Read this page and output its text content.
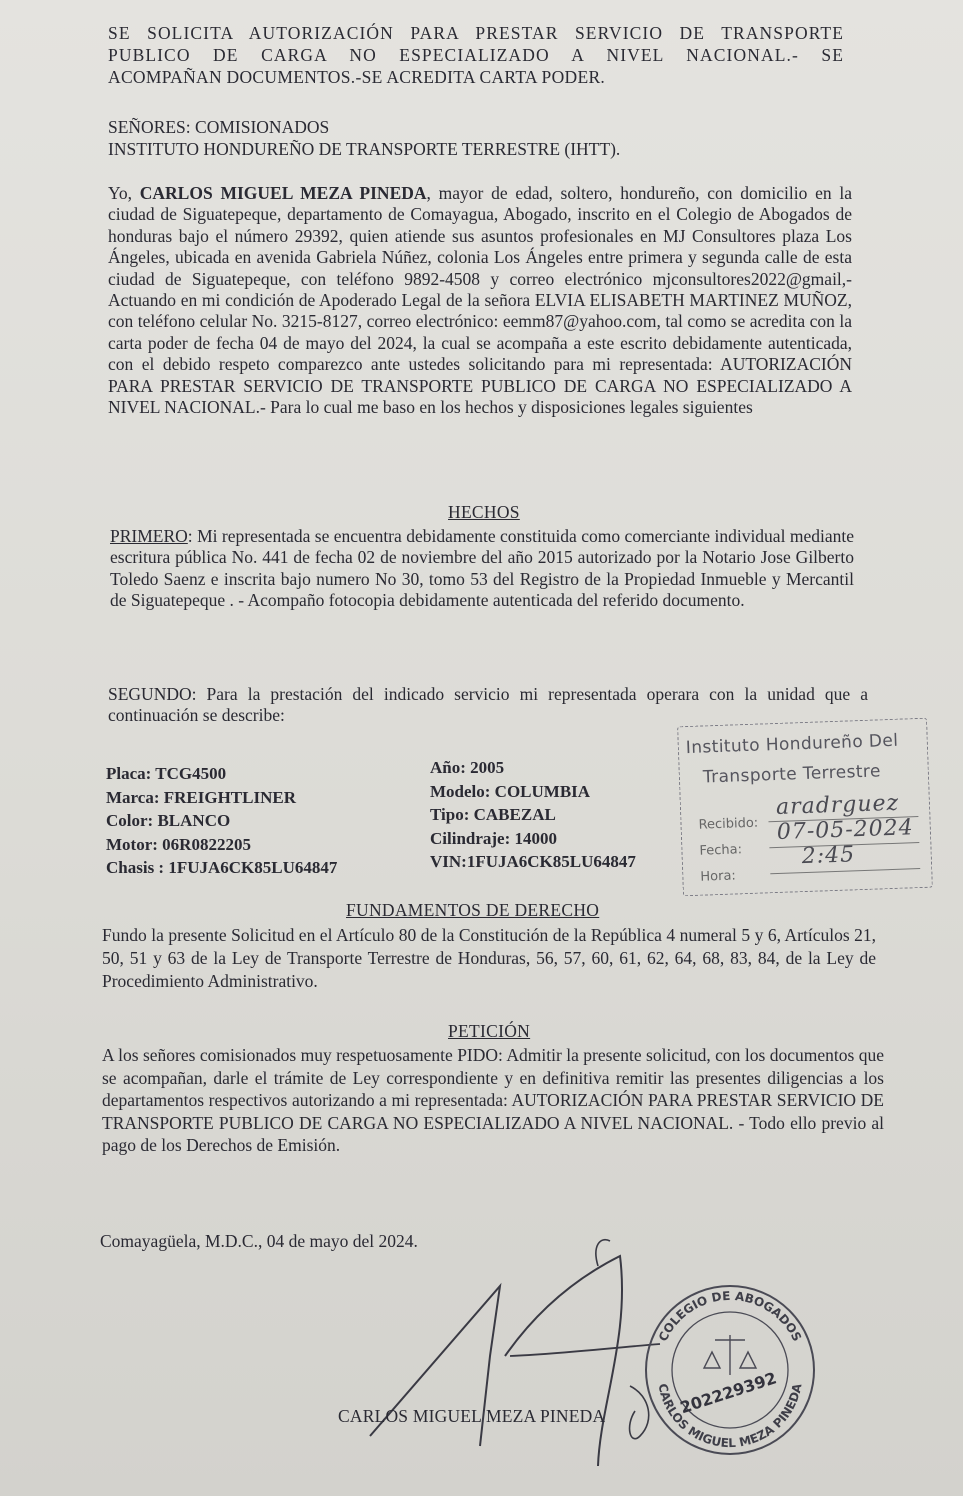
SE SOLICITA AUTORIZACIÓN PARA PRESTAR SERVICIO DE TRANSPORTE
PUBLICO DE CARGA NO ESPECIALIZADO A NIVEL NACIONAL.- SE
ACOMPAÑAN DOCUMENTOS.-SE ACREDITA CARTA PODER.
SEÑORES: COMISIONADOS
INSTITUTO HONDUREÑO DE TRANSPORTE TERRESTRE (IHTT).

Yo, CARLOS MIGUEL MEZA PINEDA, mayor de edad, soltero, hondureño, con domicilio en la ciudad de Siguatepeque, departamento de Comayagua, Abogado, inscrito en el Colegio de Abogados de honduras bajo el número 29392, quien atiende sus asuntos profesionales en MJ Consultores plaza Los Ángeles, ubicada en avenida Gabriela Núñez, colonia Los Ángeles entre primera y segunda calle de esta ciudad de Siguatepeque, con teléfono 9892-4508 y correo electrónico mjconsultores2022@gmail,-Actuando en mi condición de Apoderado Legal de la señora ELVIA ELISABETH MARTINEZ MUÑOZ, con teléfono celular No. 3215-8127, correo electrónico: eemm87@yahoo.com, tal como se acredita con la carta poder de fecha 04 de mayo del 2024, la cual se acompaña a este escrito debidamente autenticada, con el debido respeto comparezco ante ustedes solicitando para mi representada: AUTORIZACIÓN PARA PRESTAR SERVICIO DE TRANSPORTE PUBLICO DE CARGA NO ESPECIALIZADO A NIVEL NACIONAL.- Para lo cual me baso en los hechos y disposiciones legales siguientes

HECHOS

PRIMERO: Mi representada se encuentra debidamente constituida como comerciante individual mediante escritura pública No. 441 de fecha 02 de noviembre del año 2015 autorizado por la Notario Jose Gilberto Toledo Saenz e inscrita bajo numero No 30, tomo 53 del Registro de la Propiedad Inmueble y Mercantil de Siguatepeque . - Acompaño fotocopia debidamente autenticada del referido documento.

SEGUNDO: Para la prestación del indicado servicio mi representada operara con la unidad que a continuación se describe:

Placa: TCG4500
Marca: FREIGHTLINER
Color: BLANCO
Motor: 06R0822205
Chasis : 1FUJA6CK85LU64847
Año: 2005
Modelo: COLUMBIA
Tipo: CABEZAL
Cilindraje: 14000
VIN:1FUJA6CK85LU64847
Instituto Hondureño Del
Transporte Terrestre
Recibido:
aradrguez
Fecha:
07-05-2024
Hora:
2:45
FUNDAMENTOS DE DERECHO

Fundo la presente Solicitud en el Artículo 80 de la Constitución de la República 4 numeral 5 y 6, Artículos 21, 50, 51 y 63 de la Ley de Transporte Terrestre de Honduras, 56, 57, 60, 61, 62, 64, 68, 83, 84, de la Ley de Procedimiento Administrativo.

PETICIÓN

A los señores comisionados muy respetuosamente PIDO: Admitir la presente solicitud, con los documentos que se acompañan, darle el trámite de Ley correspondiente y en definitiva remitir las presentes diligencias a los departamentos respectivos autorizando a mi representada: AUTORIZACIÓN PARA PRESTAR SERVICIO DE TRANSPORTE PUBLICO DE CARGA NO ESPECIALIZADO A NIVEL NACIONAL. - Todo ello previo al pago de los Derechos de Emisión.

Comayagüela, M.D.C., 04 de mayo del 2024.
COLEGIO DE ABOGADOS
CARLOS MIGUEL MEZA PINEDA
202229392
CARLOS MIGUEL MEZA PINEDA
